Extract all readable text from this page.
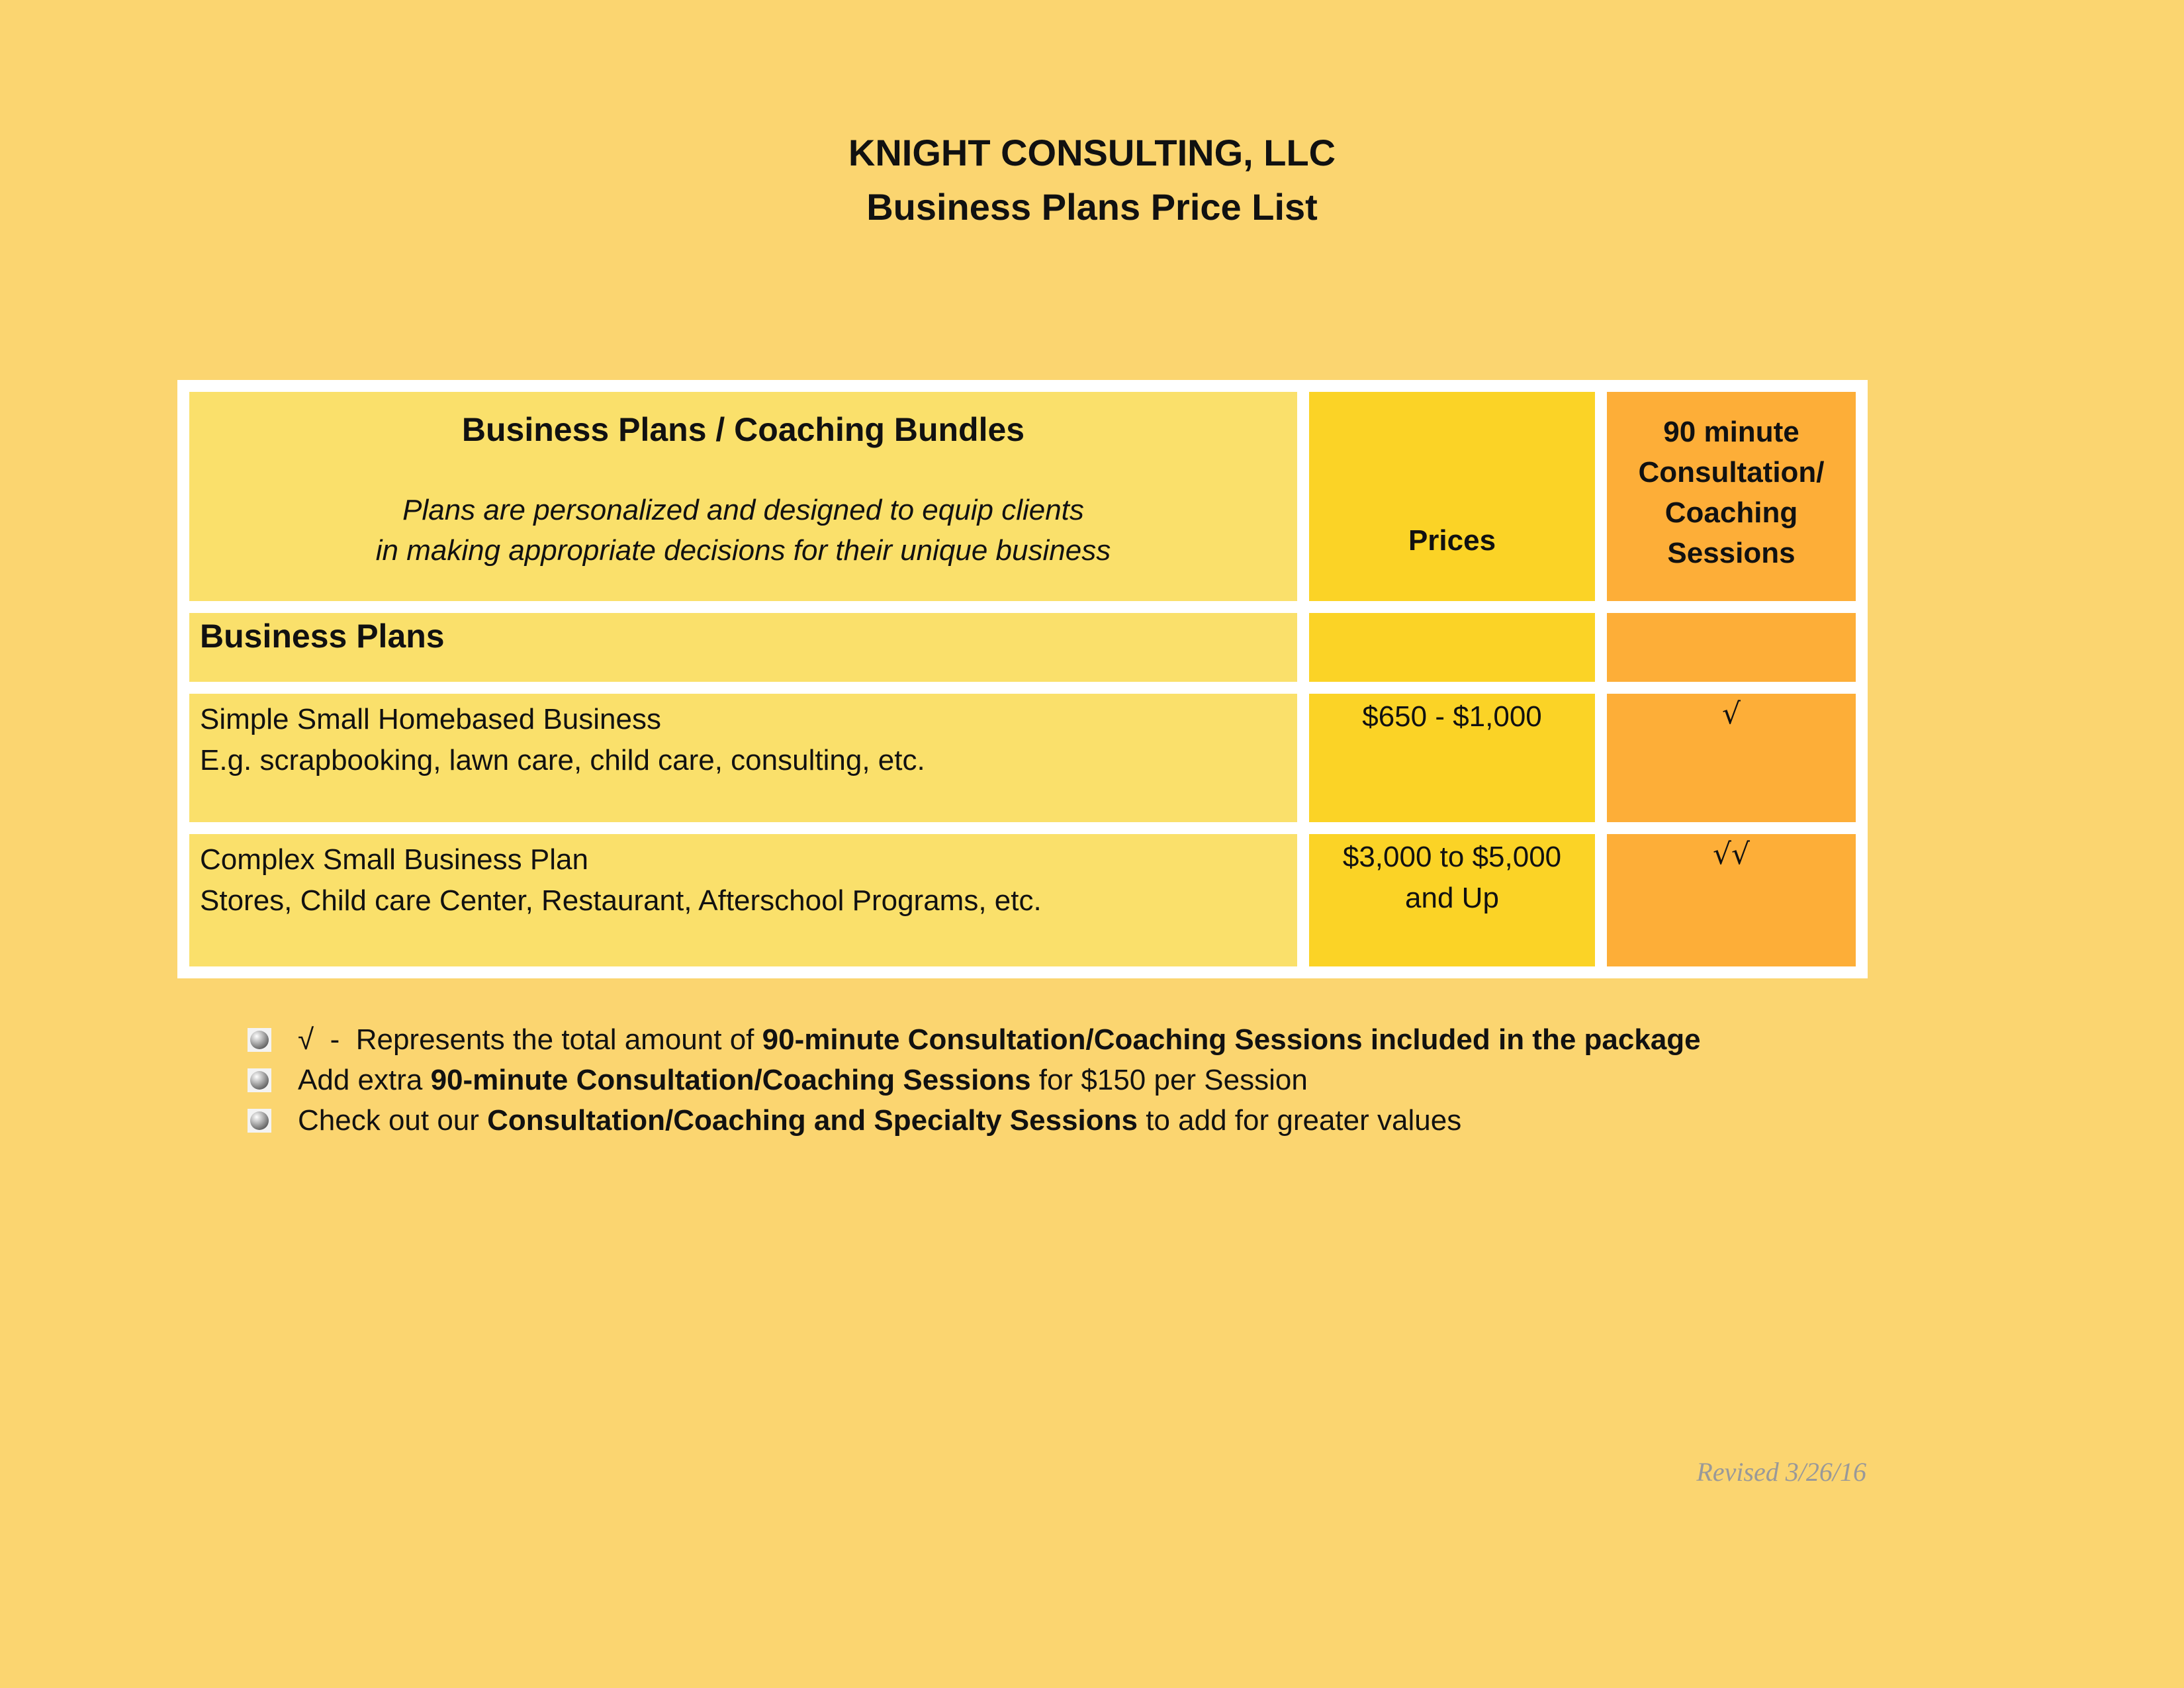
KNIGHT CONSULTING, LLC
Business Plans Price List
Business Plans / Coaching Bundles
Plans are personalized and designed to equip clients
in making appropriate decisions for their unique business	Prices
90 minute
Consultation/
Coaching
Sessions
Business Plans
Simple Small Homebased Business
E.g. scrapbooking, lawn care, child care, consulting, etc.
$650 - $1,000	√
Complex Small Business Plan
Stores, Child care Center, Restaurant, Afterschool Programs, etc.
$3,000 to $5,000
and Up
√√
√  -  Represents the total amount of 90-minute Consultation/Coaching Sessions included in the package
Add extra 90-minute Consultation/Coaching Sessions for $150 per Session
Check out our Consultation/Coaching and Specialty Sessions to add for greater values
Revised 3/26/16
